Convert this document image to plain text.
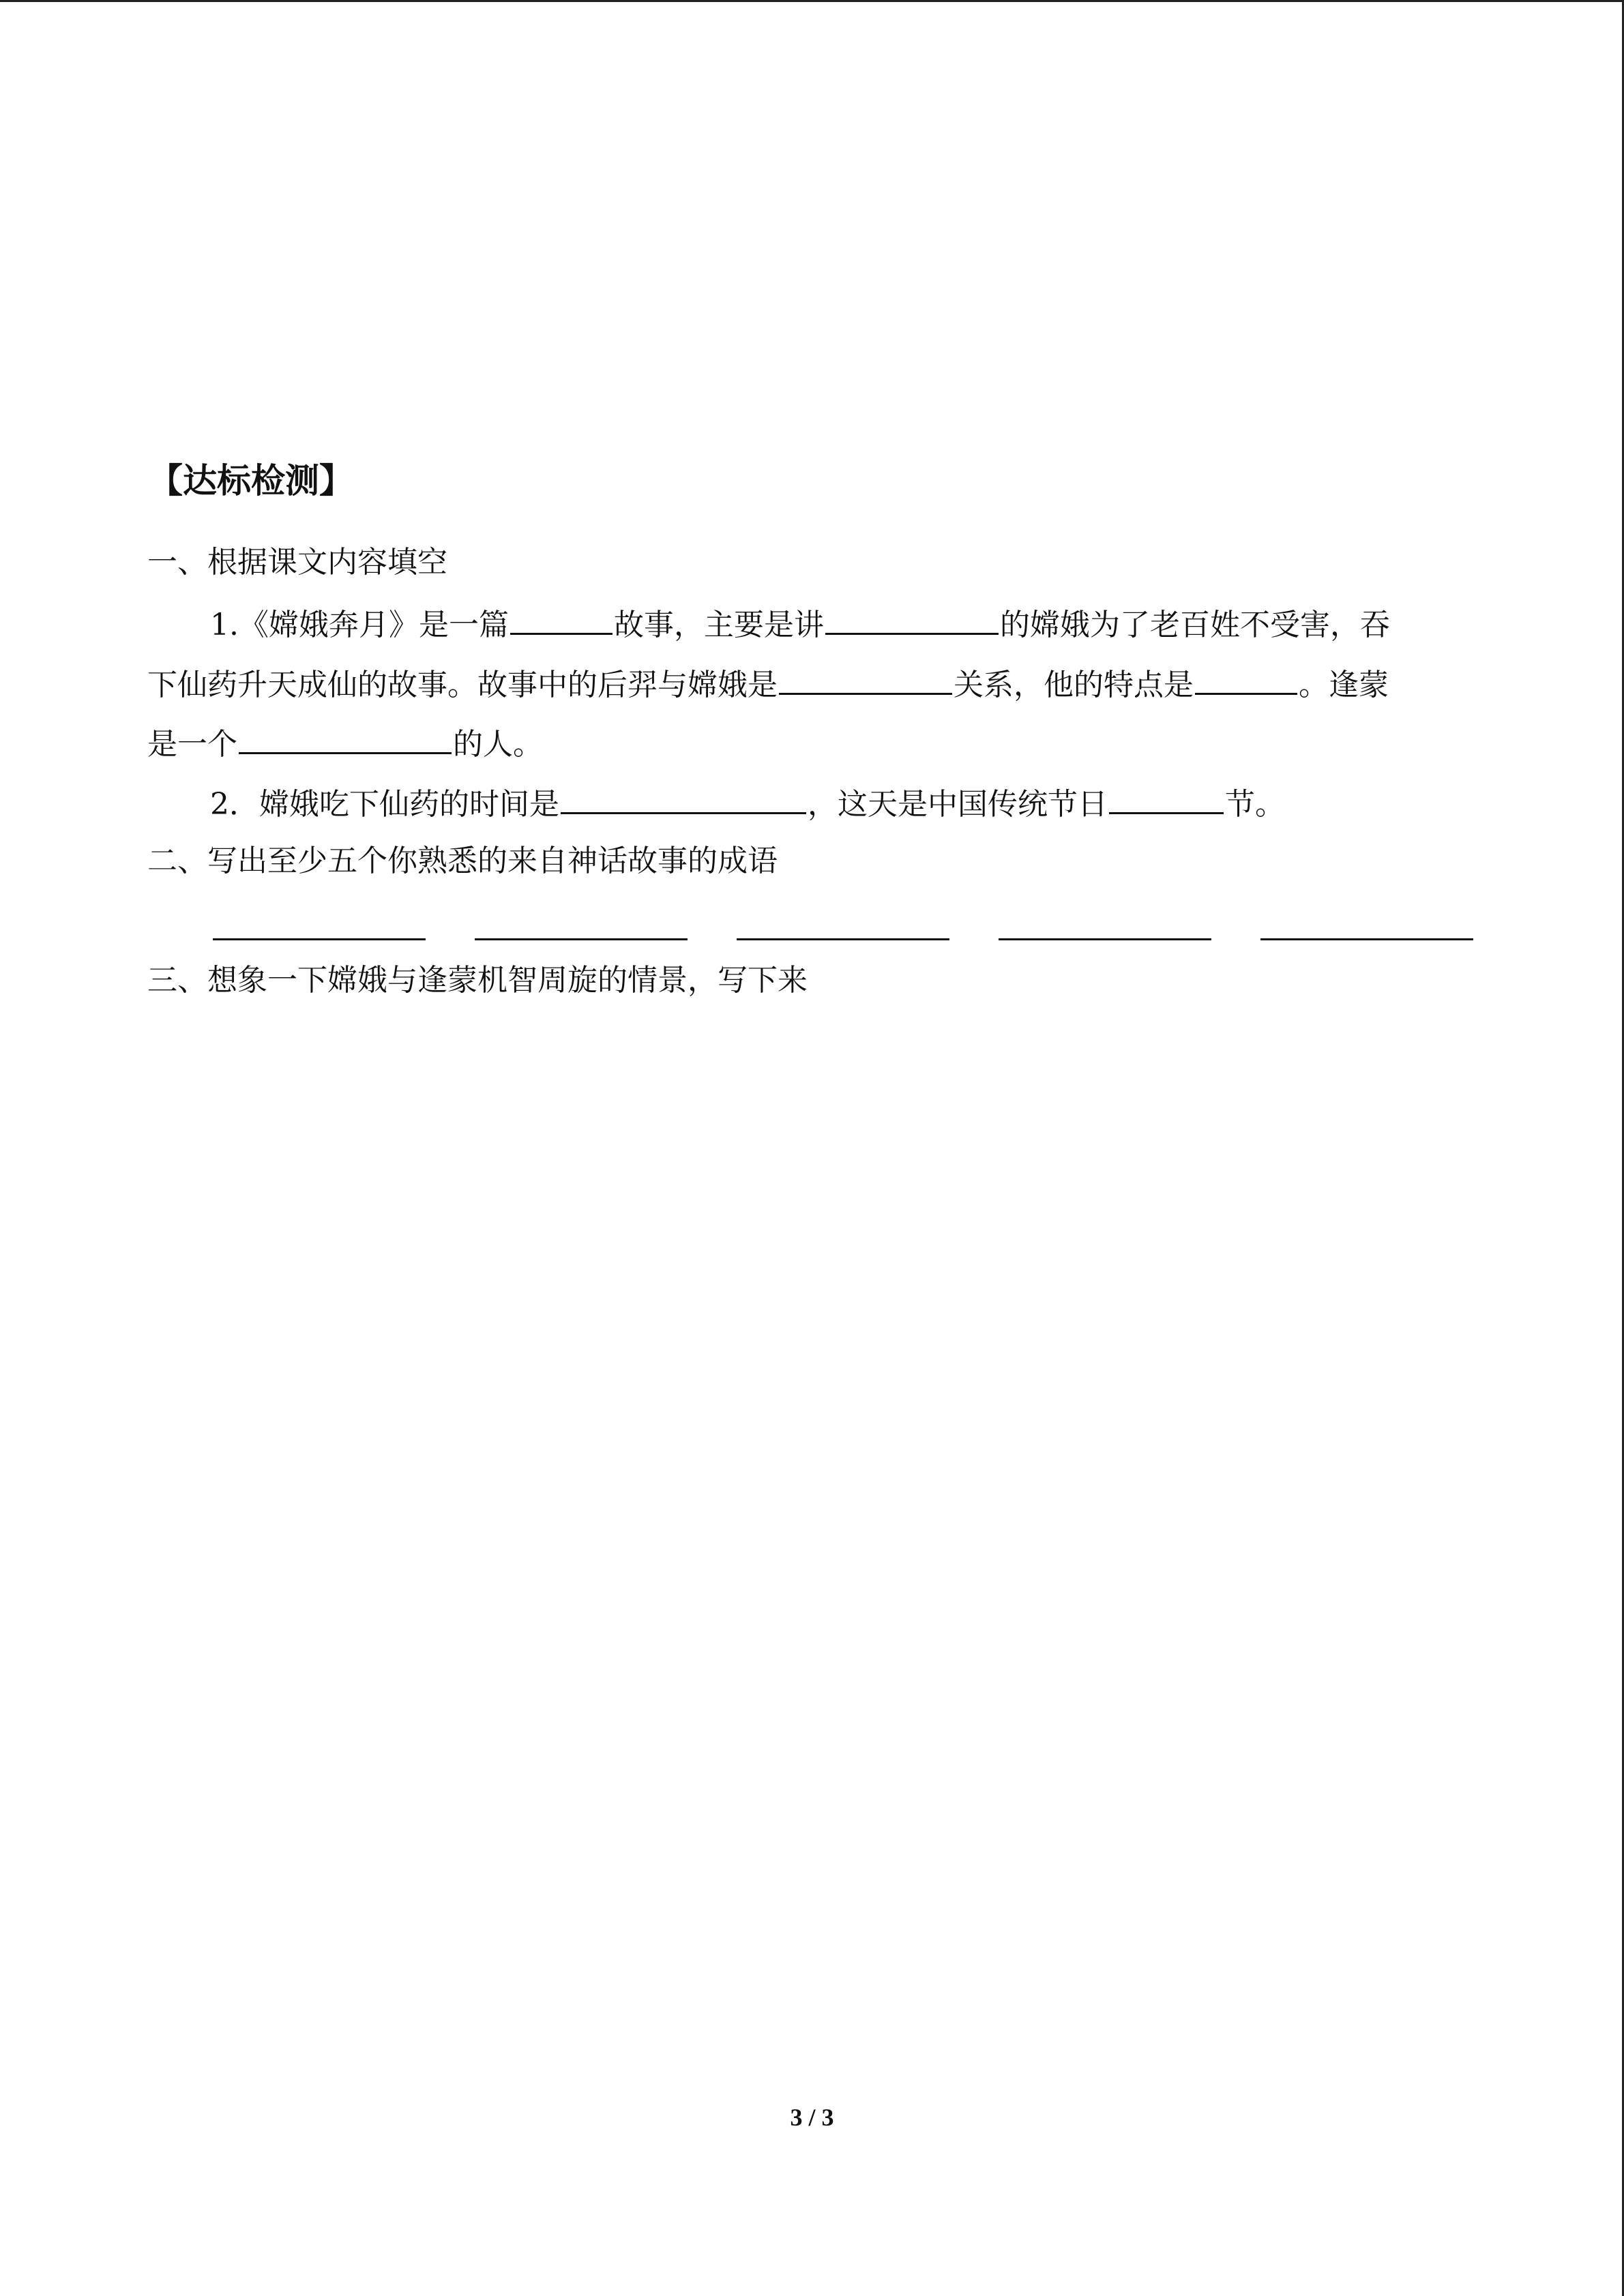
【达标检测】
一、根据课文内容填空
1.《嫦娥奔月》是一篇	故事，主要是讲	的嫦娥为了老百姓不受害，吞
下仙药升天成仙的故事。故事中的后羿与嫦娥是	关系，他的特点是	。逢蒙
是一个	的人。
2．嫦娥吃下仙药的时间是	，这天是中国传统节日	节。
二、写出至少五个你熟悉的来自神话故事的成语
三、想象一下嫦娥与逢蒙机智周旋的情景，写下来
3 / 3
